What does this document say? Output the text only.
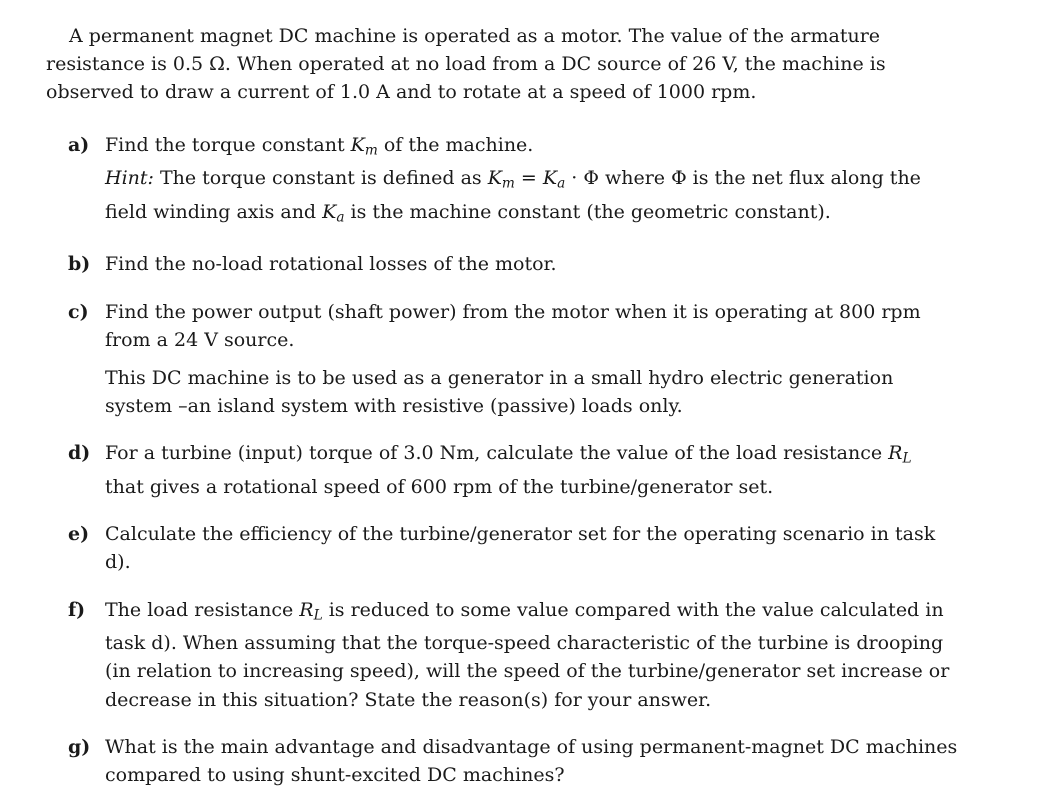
A permanent magnet DC machine is operated as a motor. The value of the armature
resistance is 0.5 Ω. When operated at no load from a DC source of 26 V, the machine is
observed to draw a current of 1.0 A and to rotate at a speed of 1000 rpm.

a) Find the torque constant $K_m$ of the machine.
Hint: The torque constant is defined as $K_m = K_a \cdot \Phi$ where Φ is the net flux along the
field winding axis and $K_a$ is the machine constant (the geometric constant).
b) Find the no-load rotational losses of the motor.
c) Find the power output (shaft power) from the motor when it is operating at 800 rpm
from a 24 V source.
This DC machine is to be used as a generator in a small hydro electric generation
system –an island system with resistive (passive) loads only.
d) For a turbine (input) torque of 3.0 Nm, calculate the value of the load resistance $R_L$
that gives a rotational speed of 600 rpm of the turbine/generator set.
e) Calculate the efficiency of the turbine/generator set for the operating scenario in task
d).
f)	The load resistance $R_L$ is reduced to some value compared with the value calculated in
task d). When assuming that the torque-speed characteristic of the turbine is drooping
(in relation to increasing speed), will the speed of the turbine/generator set increase or
decrease in this situation? State the reason(s) for your answer.
g) What is the main advantage and disadvantage of using permanent-magnet DC machines
compared to using shunt-excited DC machines?
